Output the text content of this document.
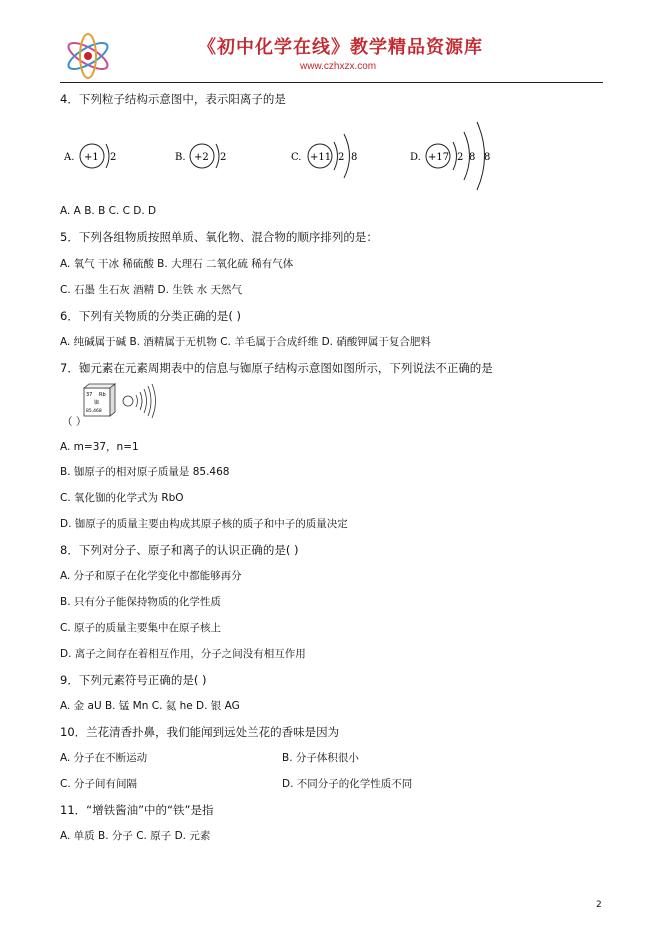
《初中化学在线》教学精品资源库
www.czhxzx.com
4．下列粒子结构示意图中，表示阳离子的是
A. +1 2	B. +2 2	C. +11 2 8	D. +17 2 8 8
A. A B. B C. C D. D
5．下列各组物质按照单质、氧化物、混合物的顺序排列的是：
A. 氧气 干冰 稀硫酸 B. 大理石 二氧化硫 稀有气体
C. 石墨 生石灰 酒精 D. 生铁 水 天然气
6．下列有关物质的分类正确的是( )
A. 纯碱属于碱 B. 酒精属于无机物 C. 羊毛属于合成纤维 D. 硝酸钾属于复合肥料
7．铷元素在元素周期表中的信息与铷原子结构示意图如图所示，下列说法不正确的是
37 Rb
铷
85.468
（ ）
A. m=37，n=1
B. 铷原子的相对原子质量是 85.468
C. 氧化铷的化学式为 RbO
D. 铷原子的质量主要由构成其原子核的质子和中子的质量决定
8．下列对分子、原子和离子的认识正确的是( )
A. 分子和原子在化学变化中都能够再分
B. 只有分子能保持物质的化学性质
C. 原子的质量主要集中在原子核上
D. 离子之间存在着相互作用，分子之间没有相互作用
9．下列元素符号正确的是( )
A. 金 aU B. 锰 Mn C. 氦 he D. 银 AG
10．兰花清香扑鼻，我们能闻到远处兰花的香味是因为
A. 分子在不断运动	B. 分子体积很小
C. 分子间有间隔	D. 不同分子的化学性质不同
11．“增铁酱油”中的“铁”是指
A. 单质 B. 分子 C. 原子 D. 元素
2
